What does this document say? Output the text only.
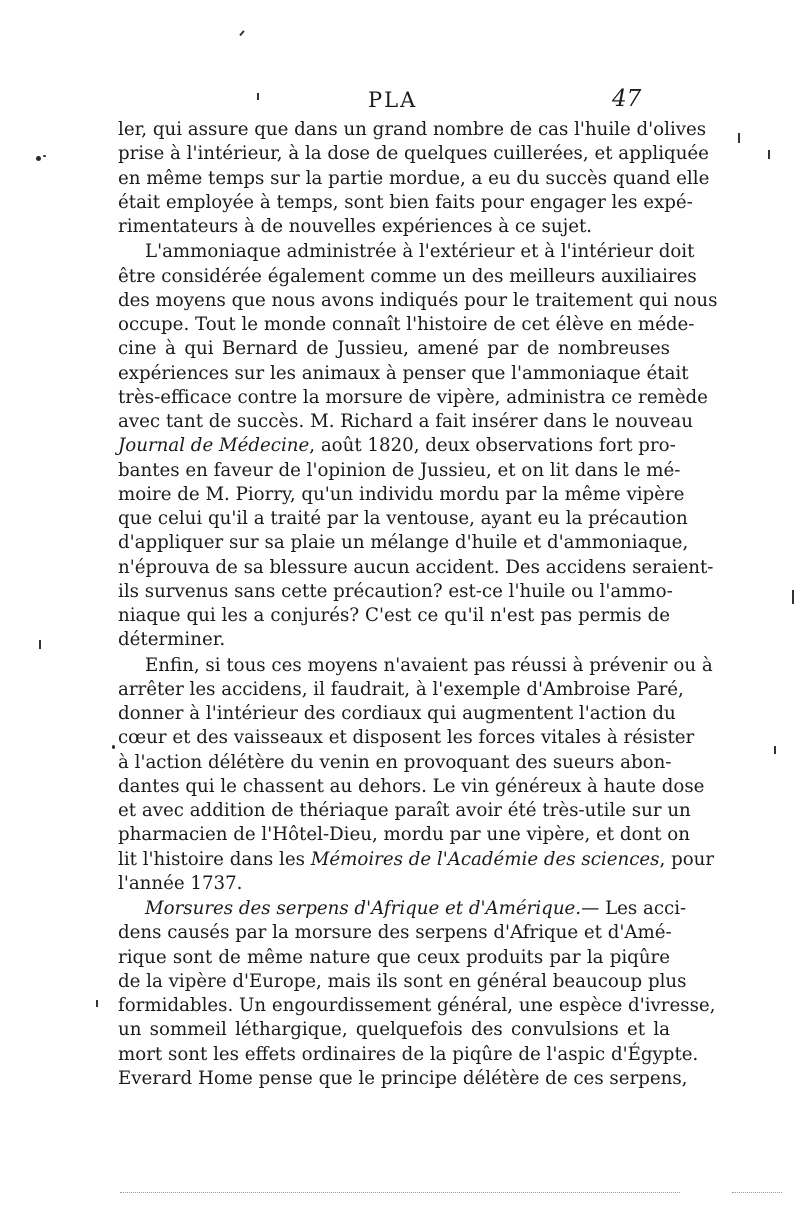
PLA	47
ler, qui assure que dans un grand nombre de cas l'huile d'olives
prise à l'intérieur, à la dose de quelques cuillerées, et appliquée
en même temps sur la partie mordue, a eu du succès quand elle
était employée à temps, sont bien faits pour engager les expé-
rimentateurs à de nouvelles expériences à ce sujet.
L'ammoniaque administrée à l'extérieur et à l'intérieur doit
être considérée également comme un des meilleurs auxiliaires
des moyens que nous avons indiqués pour le traitement qui nous
occupe. Tout le monde connaît l'histoire de cet élève en méde-
cine à qui Bernard de Jussieu, amené par de nombreuses
expériences sur les animaux à penser que l'ammoniaque était
très-efficace contre la morsure de vipère, administra ce remède
avec tant de succès. M. Richard a fait insérer dans le nouveau
Journal de Médecine, août 1820, deux observations fort pro-
bantes en faveur de l'opinion de Jussieu, et on lit dans le mé-
moire de M. Piorry, qu'un individu mordu par la même vipère
que celui qu'il a traité par la ventouse, ayant eu la précaution
d'appliquer sur sa plaie un mélange d'huile et d'ammoniaque,
n'éprouva de sa blessure aucun accident. Des accidens seraient-
ils survenus sans cette précaution? est-ce l'huile ou l'ammo-
niaque qui les a conjurés? C'est ce qu'il n'est pas permis de
déterminer.
Enfin, si tous ces moyens n'avaient pas réussi à prévenir ou à
arrêter les accidens, il faudrait, à l'exemple d'Ambroise Paré,
donner à l'intérieur des cordiaux qui augmentent l'action du
cœur et des vaisseaux et disposent les forces vitales à résister
à l'action délétère du venin en provoquant des sueurs abon-
dantes qui le chassent au dehors. Le vin généreux à haute dose
et avec addition de thériaque paraît avoir été très-utile sur un
pharmacien de l'Hôtel-Dieu, mordu par une vipère, et dont on
lit l'histoire dans les Mémoires de l'Académie des sciences, pour
l'année 1737.
Morsures des serpens d'Afrique et d'Amérique.— Les acci-
dens causés par la morsure des serpens d'Afrique et d'Amé-
rique sont de même nature que ceux produits par la piqûre
de la vipère d'Europe, mais ils sont en général beaucoup plus
formidables. Un engourdissement général, une espèce d'ivresse,
un sommeil léthargique, quelquefois des convulsions et la
mort sont les effets ordinaires de la piqûre de l'aspic d'Égypte.
Everard Home pense que le principe délétère de ces serpens,
